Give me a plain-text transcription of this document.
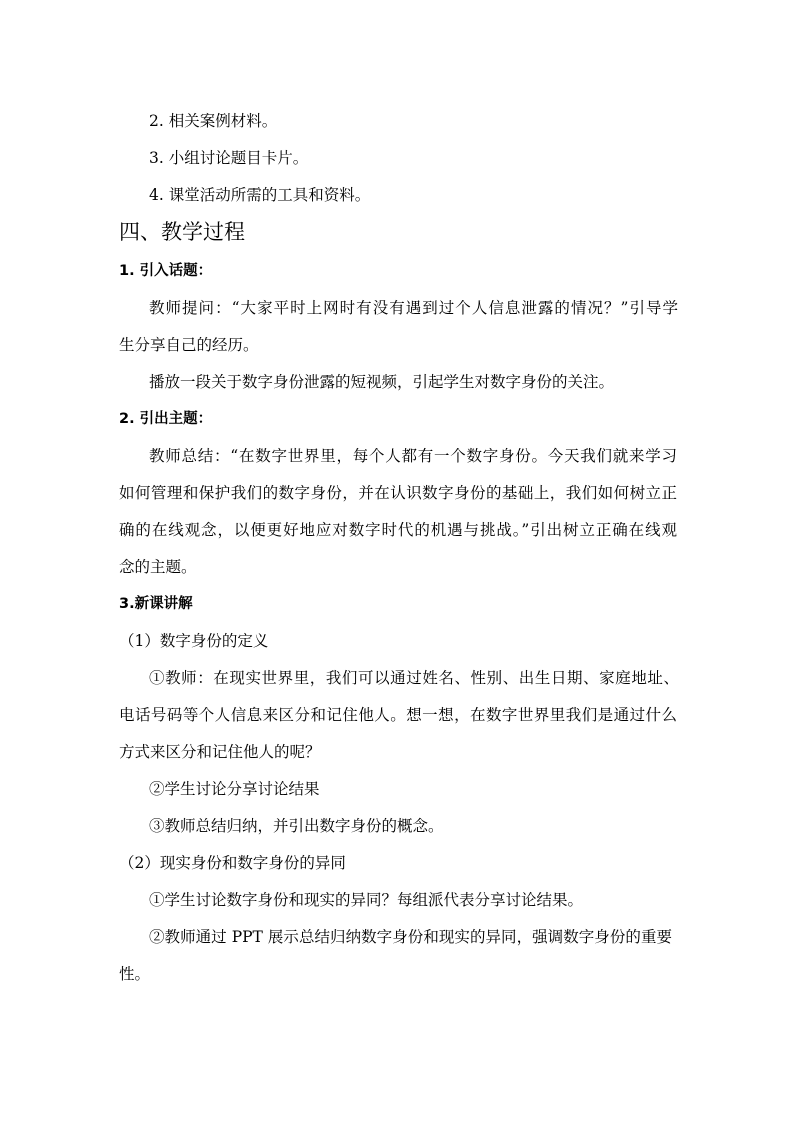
2. 相关案例材料。
3. 小组讨论题目卡片。
4. 课堂活动所需的工具和资料。
四、教学过程
1. 引入话题：
教师提问：“大家平时上网时有没有遇到过个人信息泄露的情况？”引导学
生分享自己的经历。
播放一段关于数字身份泄露的短视频，引起学生对数字身份的关注。
2. 引出主题：
教师总结：“在数字世界里，每个人都有一个数字身份。今天我们就来学习
如何管理和保护我们的数字身份，并在认识数字身份的基础上，我们如何树立正
确的在线观念，以便更好地应对数字时代的机遇与挑战。”引出树立正确在线观
念的主题。
3.新课讲解
（1）数字身份的定义
①教师：在现实世界里，我们可以通过姓名、性别、出生日期、家庭地址、
电话号码等个人信息来区分和记住他人。想一想，在数字世界里我们是通过什么
方式来区分和记住他人的呢？
②学生讨论分享讨论结果
③教师总结归纳，并引出数字身份的概念。
（2）现实身份和数字身份的异同
①学生讨论数字身份和现实的异同？每组派代表分享讨论结果。
②教师通过 PPT 展示总结归纳数字身份和现实的异同，强调数字身份的重要
性。
